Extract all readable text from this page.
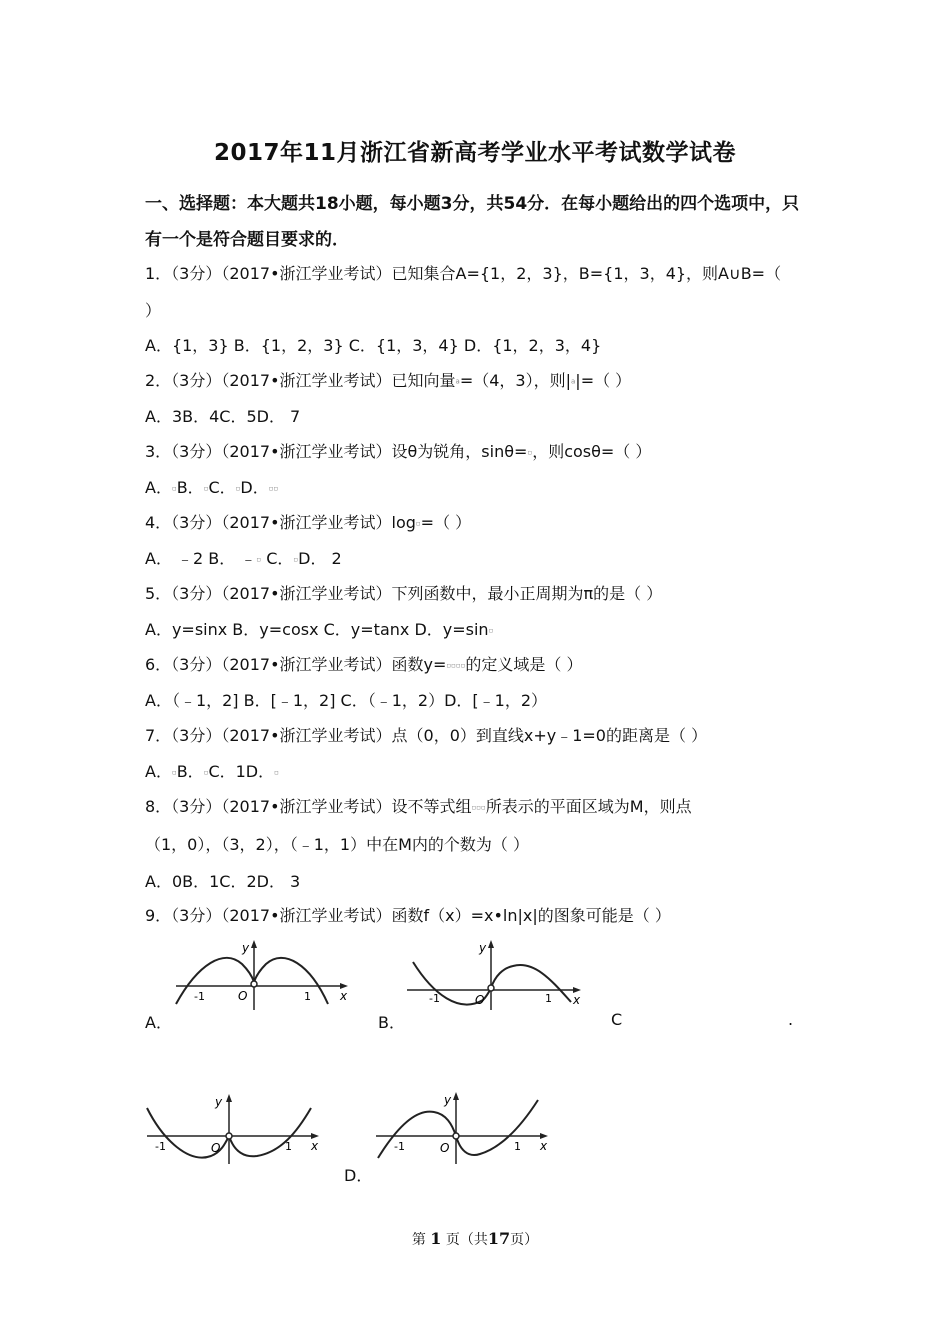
2017年11月浙江省新高考学业水平考试数学试卷
一、选择题：本大题共18小题，每小题3分，共54分．在每小题给出的四个选项中，只有一个是符合题目要求的．
1．（3分）（2017•浙江学业考试）已知集合A={1，2，3}，B={1，3，4}，则A∪B=（
）
A．{1，3} B．{1，2，3} C．{1，3，4} D．{1，2，3，4}
2．（3分）（2017•浙江学业考试）已知向量a=（4，3），则|a|=（ ）
A．3B．4C．5D． 7
3．（3分）（2017•浙江学业考试）设θ为锐角，sinθ=▫，则cosθ=（ ）
A．▫B．▫C．▫D．▫▫
4．（3分）（2017•浙江学业考试）log▫=（ ）
A． ﹣2 B． ﹣▫ C．▫D． 2
5．（3分）（2017•浙江学业考试）下列函数中，最小正周期为π的是（ ）
A．y=sinx B．y=cosx C．y=tanx D．y=sin▫
6．（3分）（2017•浙江学业考试）函数y=▫▫▫▫的定义域是（ ）
A．（﹣1，2] B．[﹣1，2] C．（﹣1，2）D．[﹣1，2）
7．（3分）（2017•浙江学业考试）点（0，0）到直线x+y﹣1=0的距离是（ ）
A．▫B．▫C．1D．▫
8．（3分）（2017•浙江学业考试）设不等式组▫▫▫所表示的平面区域为M，则点
（1，0），（3，2），（﹣1，1）中在M内的个数为（ ）
A．0B．1C．2D． 3
9．（3分）（2017•浙江学业考试）函数f（x）=x•ln|x|的图象可能是（ ）
y
x
O
-1	1
y
x
O
-1	1
A．	B．	C	.
y
x
O
-1	1
y
x
O
-1	1
D．
第 1 页（共17页）
